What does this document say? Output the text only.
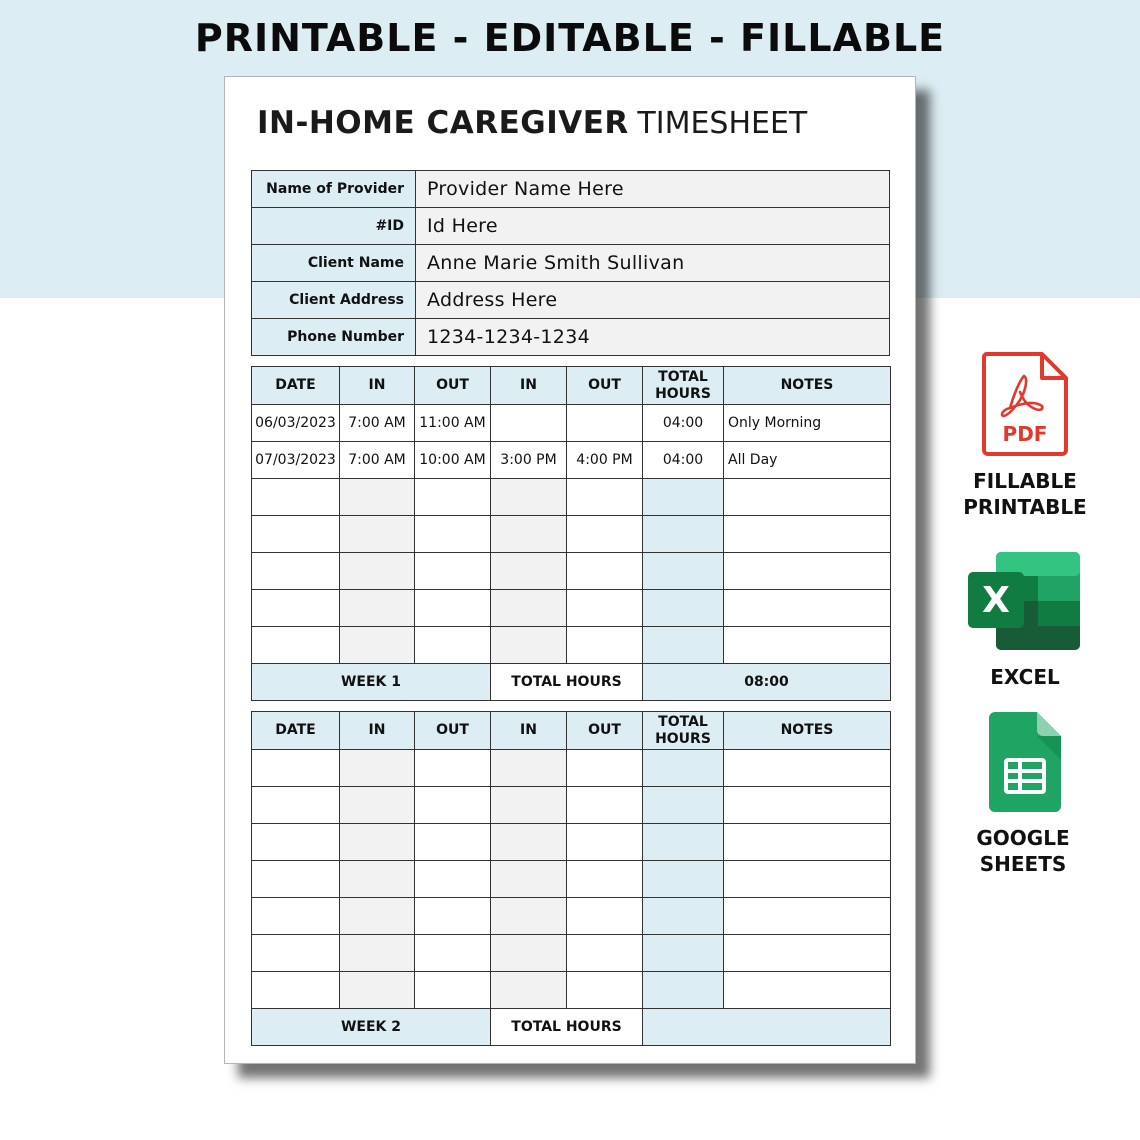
PRINTABLE - EDITABLE - FILLABLE
IN-HOME CAREGIVER TIMESHEET
Name of Provider	Provider Name Here
#ID	Id Here
Client Name	Anne Marie Smith Sullivan
Client Address	Address Here
Phone Number	1234-1234-1234
DATE	IN	OUT	IN	OUT	TOTAL HOURS	NOTES
06/03/2023	7:00 AM	11:00 AM			04:00	Only Morning
07/03/2023	7:00 AM	10:00 AM	3:00 PM	4:00 PM	04:00	All Day

WEEK 1			TOTAL HOURS		08:00	
DATE	IN	OUT	IN	OUT	TOTAL HOURS	NOTES

WEEK 2			TOTAL HOURS			
PDF
FILLABLE
PRINTABLE
X
EXCEL
GOOGLE
SHEETS
